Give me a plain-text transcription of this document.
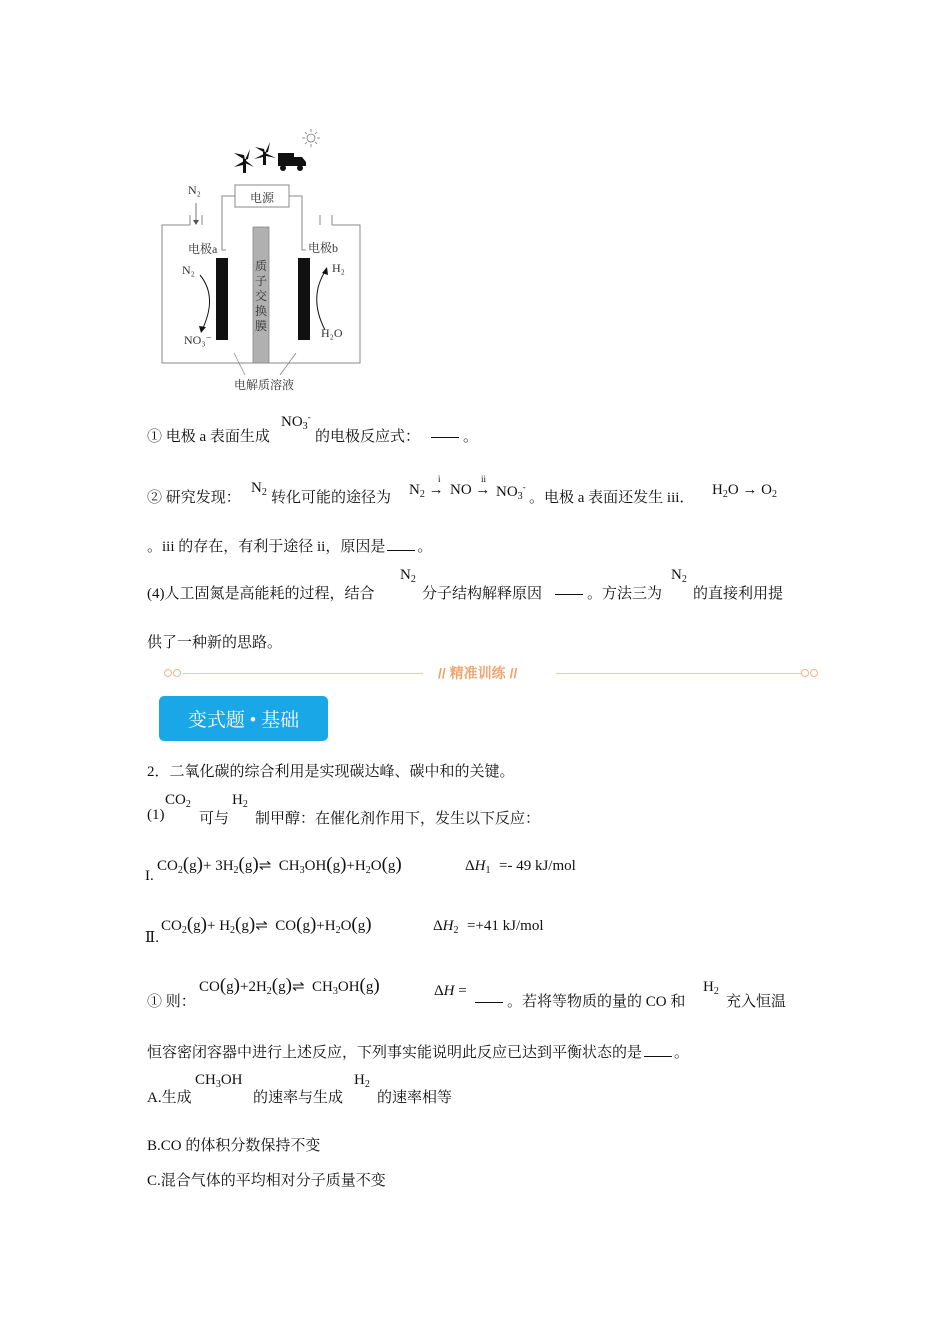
电源
N₂
电极a	电极b
质子交换膜
N₂
NO₃⁻
H₂
H₂O
电解质溶液
① 电极 a 表面生成
$NO_3^-$
的电极反应式：	。
② 研究发现：
$N_2$ 转化可能的途径为 $N_2$ →
i
NO →
ii
$NO_3^-$
。电极 a 表面还发生 iii． $H_2O \to O_2$
。iii 的存在，有利于途径 ii，原因是 。
(4)人工固氮是高能耗的过程，结合
$N_2$
分子结构解释原因	。方法三为
$N_2$
的直接利用提
供了一种新的思路。
// 精准训练 //
变式题 • 基础
2．二氧化碳的综合利用是实现碳达峰、碳中和的关键。
(1)
$CO_2$
可与
$H_2$
制甲醇：在催化剂作用下，发生以下反应：
I.
$CO_2(g)+$ $3H_2(g)\rightleftharpoons$  $CH_3OH(g)+H_2O(g)$	$\Delta H_1 =- 49$ kJ/mol
Ⅱ.
$CO_2(g)+$ $H_2(g)\rightleftharpoons$  $CO(g)+H_2O(g)$	$\Delta H_2 =+41$ kJ/mol
① 则：
$CO(g)+2H_2(g)\rightleftharpoons$  $CH_3OH(g)$	ΔH =
。若将等物质的量的 CO 和
$H_2$
充入恒温
恒容密闭容器中进行上述反应，下列事实能说明此反应已达到平衡状态的是 。
A.生成
$CH_3OH$
的速率与生成
$H_2$
的速率相等
B.CO 的体积分数保持不变
C.混合气体的平均相对分子质量不变
